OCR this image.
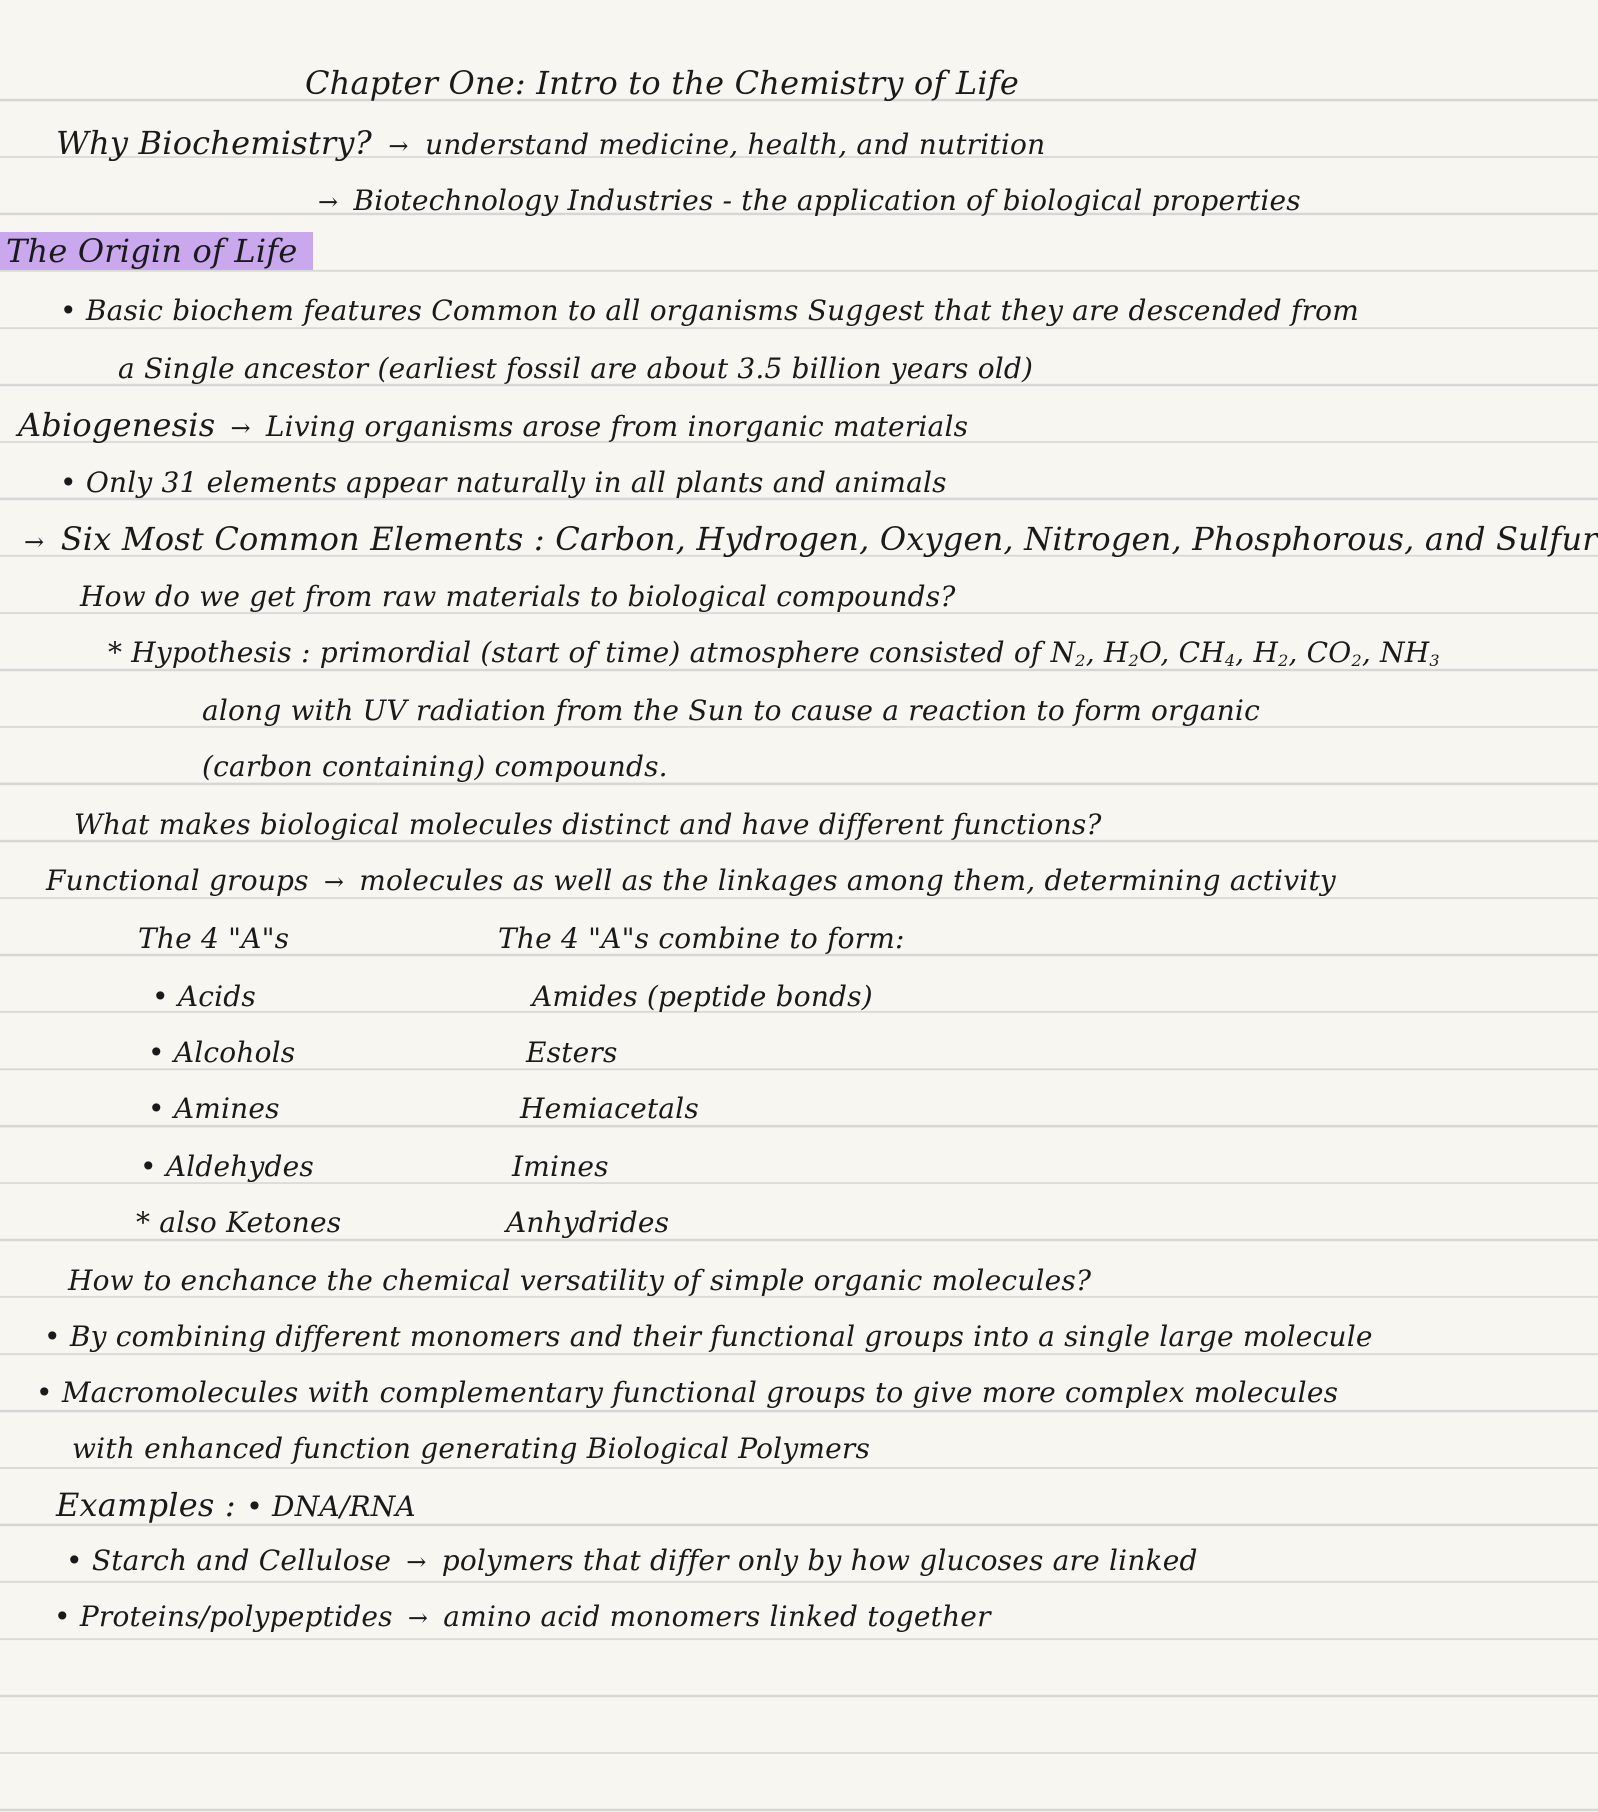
Chapter One: Intro to the Chemistry of Life
Why Biochemistry? → understand medicine, health, and nutrition
→ Biotechnology Industries - the application of biological properties
The Origin of Life
• Basic biochem features Common to all organisms Suggest that they are descended from
a Single ancestor (earliest fossil are about 3.5 billion years old)
Abiogenesis → Living organisms arose from inorganic materials
• Only 31 elements appear naturally in all plants and animals
→ Six Most Common Elements : Carbon, Hydrogen, Oxygen, Nitrogen, Phosphorous, and Sulfur
How do we get from raw materials to biological compounds?
* Hypothesis : primordial (start of time) atmosphere consisted of $N_2$, $H_2O$, $CH_4$, $H_2$, $CO_2$, $NH_3$
along with UV radiation from the Sun to cause a reaction to form organic
(carbon containing) compounds.
What makes biological molecules distinct and have different functions?
Functional groups → molecules as well as the linkages among them, determining activity
The 4 "A"s	The 4 "A"s combine to form:
• Acids
• Alcohols
• Amines
• Aldehydes
* also Ketones
Amides (peptide bonds)
Esters
Hemiacetals
Imines
Anhydrides
How to enchance the chemical versatility of simple organic molecules?
• By combining different monomers and their functional groups into a single large molecule
• Macromolecules with complementary functional groups to give more complex molecules
with enhanced function generating Biological Polymers
Examples : • DNA/RNA
• Starch and Cellulose → polymers that differ only by how glucoses are linked
• Proteins/polypeptides → amino acid monomers linked together
